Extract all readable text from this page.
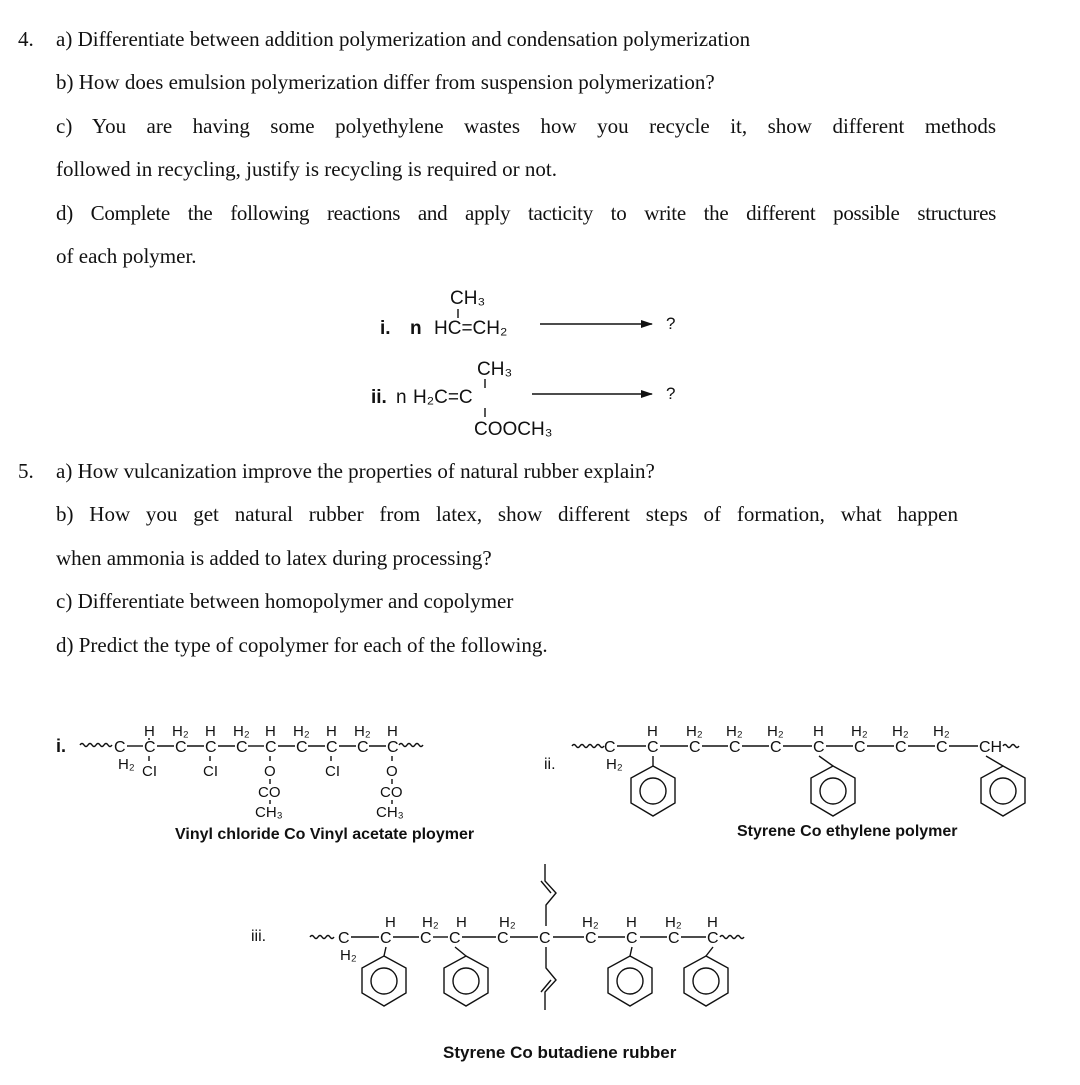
4. a) Differentiate between addition polymerization and condensation polymerization
b) How does emulsion polymerization differ from suspension polymerization?
c) You are having some polyethylene wastes how you recycle it, show different methods
followed in recycling, justify is recycling is required or not.
d) Complete the following reactions and apply tacticity to write the different possible structures
of each polymer.
5. a) How vulcanization improve the properties of natural rubber explain?
b) How you get natural rubber from latex, show different steps of formation, what happen
when ammonia is added to latex during processing?
c) Differentiate between homopolymer and copolymer
d) Predict the type of copolymer for each of the following.
i. n
CH₃
HC=CH₂	?
ii. n
CH₃
H₂C=C
COOCH₃
?
i.	C
H₂
C
H
CI
C
H₂
C
H
CI
C
H₂
C
H
O
CO
CH₃
C
H₂
C
H
CI
C
H₂
C
H
O
CO
CH₃
Vinyl chloride Co Vinyl acetate ploymer
ii.
C
H₂
C
H
C
H₂
C
H₂
C
H₂
C
H
C
H₂
C
H₂
C
H₂
CH
Styrene Co ethylene polymer
iii.	C
H₂
C
H
C
H₂
C
H
C
H₂
C C
H₂
C
H
C
H₂
C
H
Styrene Co butadiene rubber
